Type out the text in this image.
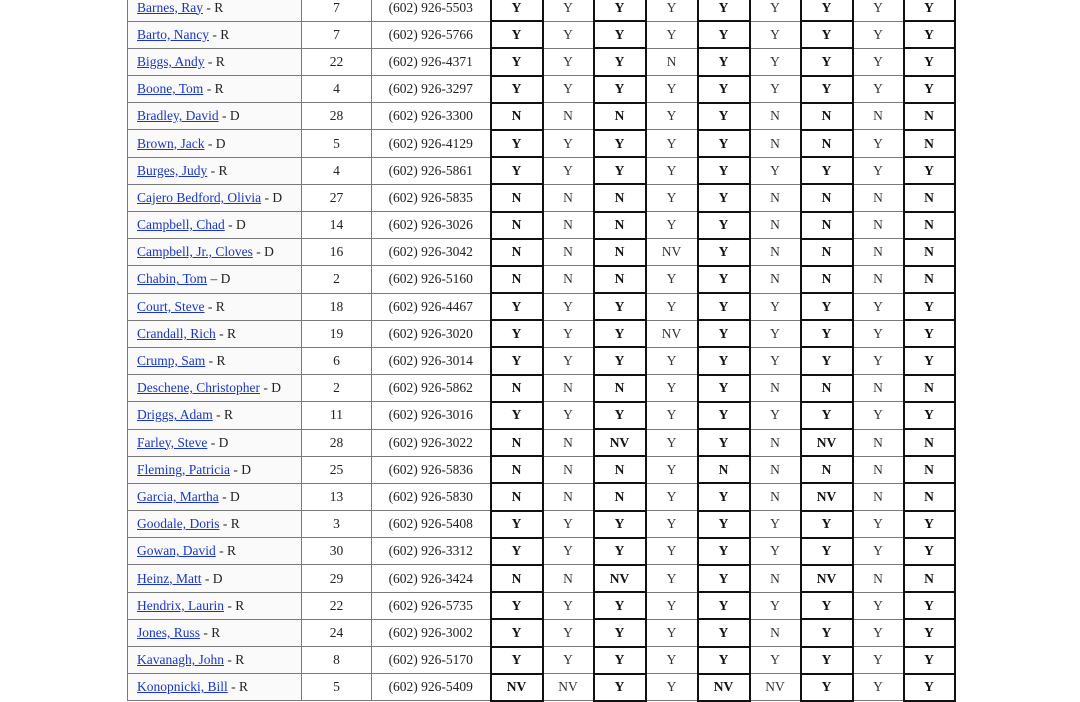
Barnes, Ray - R	7	(602) 926-5503	Y	Y	Y	Y	Y	Y	Y	Y	Y
Barto, Nancy - R	7	(602) 926-5766	Y	Y	Y	Y	Y	Y	Y	Y	Y
Biggs, Andy - R	22	(602) 926-4371	Y	Y	Y	N	Y	Y	Y	Y	Y
Boone, Tom - R	4	(602) 926-3297	Y	Y	Y	Y	Y	Y	Y	Y	Y
Bradley, David - D	28	(602) 926-3300	N	N	N	Y	Y	N	N	N	N
Brown, Jack - D	5	(602) 926-4129	Y	Y	Y	Y	Y	N	N	Y	N
Burges, Judy - R	4	(602) 926-5861	Y	Y	Y	Y	Y	Y	Y	Y	Y
Cajero Bedford, Olivia - D	27	(602) 926-5835	N	N	N	Y	Y	N	N	N	N
Campbell, Chad - D	14	(602) 926-3026	N	N	N	Y	Y	N	N	N	N
Campbell, Jr., Cloves - D	16	(602) 926-3042	N	N	N	NV	Y	N	N	N	N
Chabin, Tom – D	2	(602) 926-5160	N	N	N	Y	Y	N	N	N	N
Court, Steve - R	18	(602) 926-4467	Y	Y	Y	Y	Y	Y	Y	Y	Y
Crandall, Rich - R	19	(602) 926-3020	Y	Y	Y	NV	Y	Y	Y	Y	Y
Crump, Sam - R	6	(602) 926-3014	Y	Y	Y	Y	Y	Y	Y	Y	Y
Deschene, Christopher - D	2	(602) 926-5862	N	N	N	Y	Y	N	N	N	N
Driggs, Adam - R	11	(602) 926-3016	Y	Y	Y	Y	Y	Y	Y	Y	Y
Farley, Steve - D	28	(602) 926-3022	N	N	NV	Y	Y	N	NV	N	N
Fleming, Patricia - D	25	(602) 926-5836	N	N	N	Y	N	N	N	N	N
Garcia, Martha - D	13	(602) 926-5830	N	N	N	Y	Y	N	NV	N	N
Goodale, Doris - R	3	(602) 926-5408	Y	Y	Y	Y	Y	Y	Y	Y	Y
Gowan, David - R	30	(602) 926-3312	Y	Y	Y	Y	Y	Y	Y	Y	Y
Heinz, Matt - D	29	(602) 926-3424	N	N	NV	Y	Y	N	NV	N	N
Hendrix, Laurin - R	22	(602) 926-5735	Y	Y	Y	Y	Y	Y	Y	Y	Y
Jones, Russ - R	24	(602) 926-3002	Y	Y	Y	Y	Y	N	Y	Y	Y
Kavanagh, John - R	8	(602) 926-5170	Y	Y	Y	Y	Y	Y	Y	Y	Y
Konopnicki, Bill - R	5	(602) 926-5409	NV	NV	Y	Y	NV	NV	Y	Y	Y
